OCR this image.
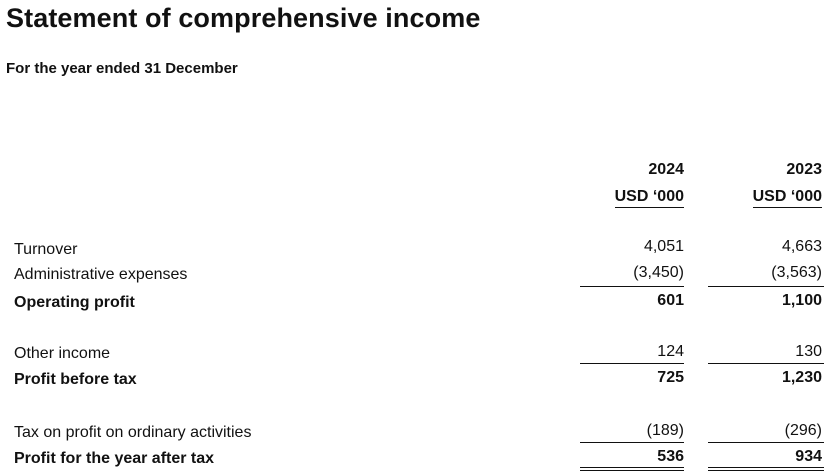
Statement of comprehensive income
For the year ended 31 December
2024	2023
USD ‘000	USD ‘000
Turnover	4,051	4,663
Administrative expenses	(3,450)	(3,563)
Operating profit	601	1,100
Other income	124	130
Profit before tax	725	1,230
Tax on profit on ordinary activities	(189)	(296)
Profit for the year after tax	536	934
